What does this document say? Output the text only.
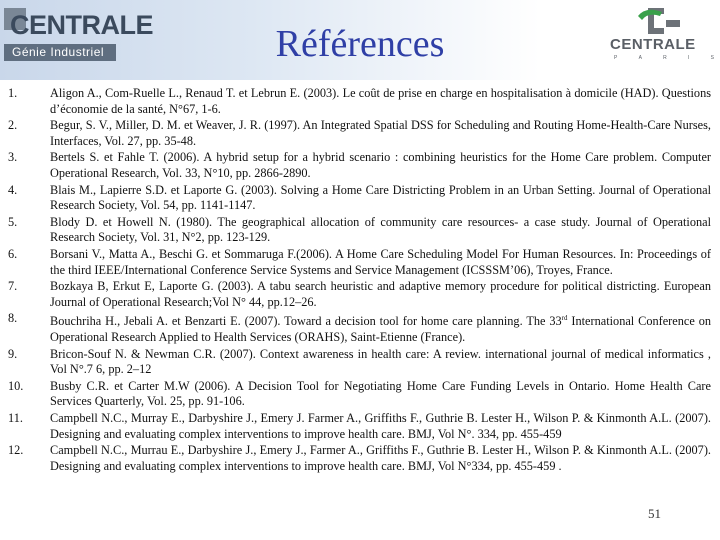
CENTRALE
Génie Industriel	Références	CENTRALE
P	A	R	I	S
1.	Aligon A., Com-Ruelle L., Renaud T. et Lebrun E. (2003). Le coût de prise en charge en hospitalisation à domicile (HAD). Questions d’économie de la santé, N°67, 1-6.
2.	Begur, S. V., Miller, D. M. et Weaver, J. R. (1997). An Integrated Spatial DSS for Scheduling and Routing Home-Health-Care Nurses, Interfaces, Vol. 27, pp. 35-48.
3.	Bertels S. et Fahle T. (2006). A hybrid setup for a hybrid scenario : combining heuristics for the Home Care problem. Computer Operational Research, Vol. 33, N°10, pp. 2866-2890.
4.	Blais M., Lapierre S.D. et Laporte G. (2003). Solving a Home Care Districting Problem in an Urban Setting. Journal of Operational Research Society, Vol. 54, pp. 1141-1147.
5.	Blody D. et Howell N. (1980). The geographical allocation of community care resources- a case study. Journal of Operational Research Society, Vol. 31, N°2, pp. 123-129.
6.	Borsani V., Matta A., Beschi G. et Sommaruga F.(2006). A Home Care Scheduling Model For Human Resources. In: Proceedings of the third IEEE/International Conference Service Systems and Service Management (ICSSSM’06), Troyes, France.
7.	Bozkaya B, Erkut E, Laporte G. (2003). A tabu search heuristic and adaptive memory procedure for political districting. European Journal of Operational Research;Vol N° 44, pp.12–26.
8.	Bouchriha H., Jebali A. et Benzarti E. (2007). Toward a decision tool for home care planning. The 33rd International Conference on Operational Research Applied to Health Services (ORAHS), Saint-Etienne (France).
9.	Bricon-Souf N. & Newman C.R. (2007). Context awareness in health care: A review. international journal of medical informatics , Vol N°.7 6, pp. 2–12
10.	Busby C.R. et Carter M.W (2006). A Decision Tool for Negotiating Home Care Funding Levels in Ontario. Home Health Care Services Quarterly, Vol. 25, pp. 91-106.
11.	Campbell N.C., Murray E., Darbyshire J., Emery J. Farmer A., Griffiths F., Guthrie B. Lester H., Wilson P. & Kinmonth A.L. (2007). Designing and evaluating complex interventions to improve health care. BMJ, Vol N°. 334, pp. 455-459
12.	Campbell N.C., Murrau E., Darbyshire J., Emery J., Farmer A., Griffiths F., Guthrie B. Lester H., Wilson P. & Kinmonth A.L. (2007). Designing and evaluating complex interventions to improve health care. BMJ, Vol N°334, pp. 455-459 .
51
